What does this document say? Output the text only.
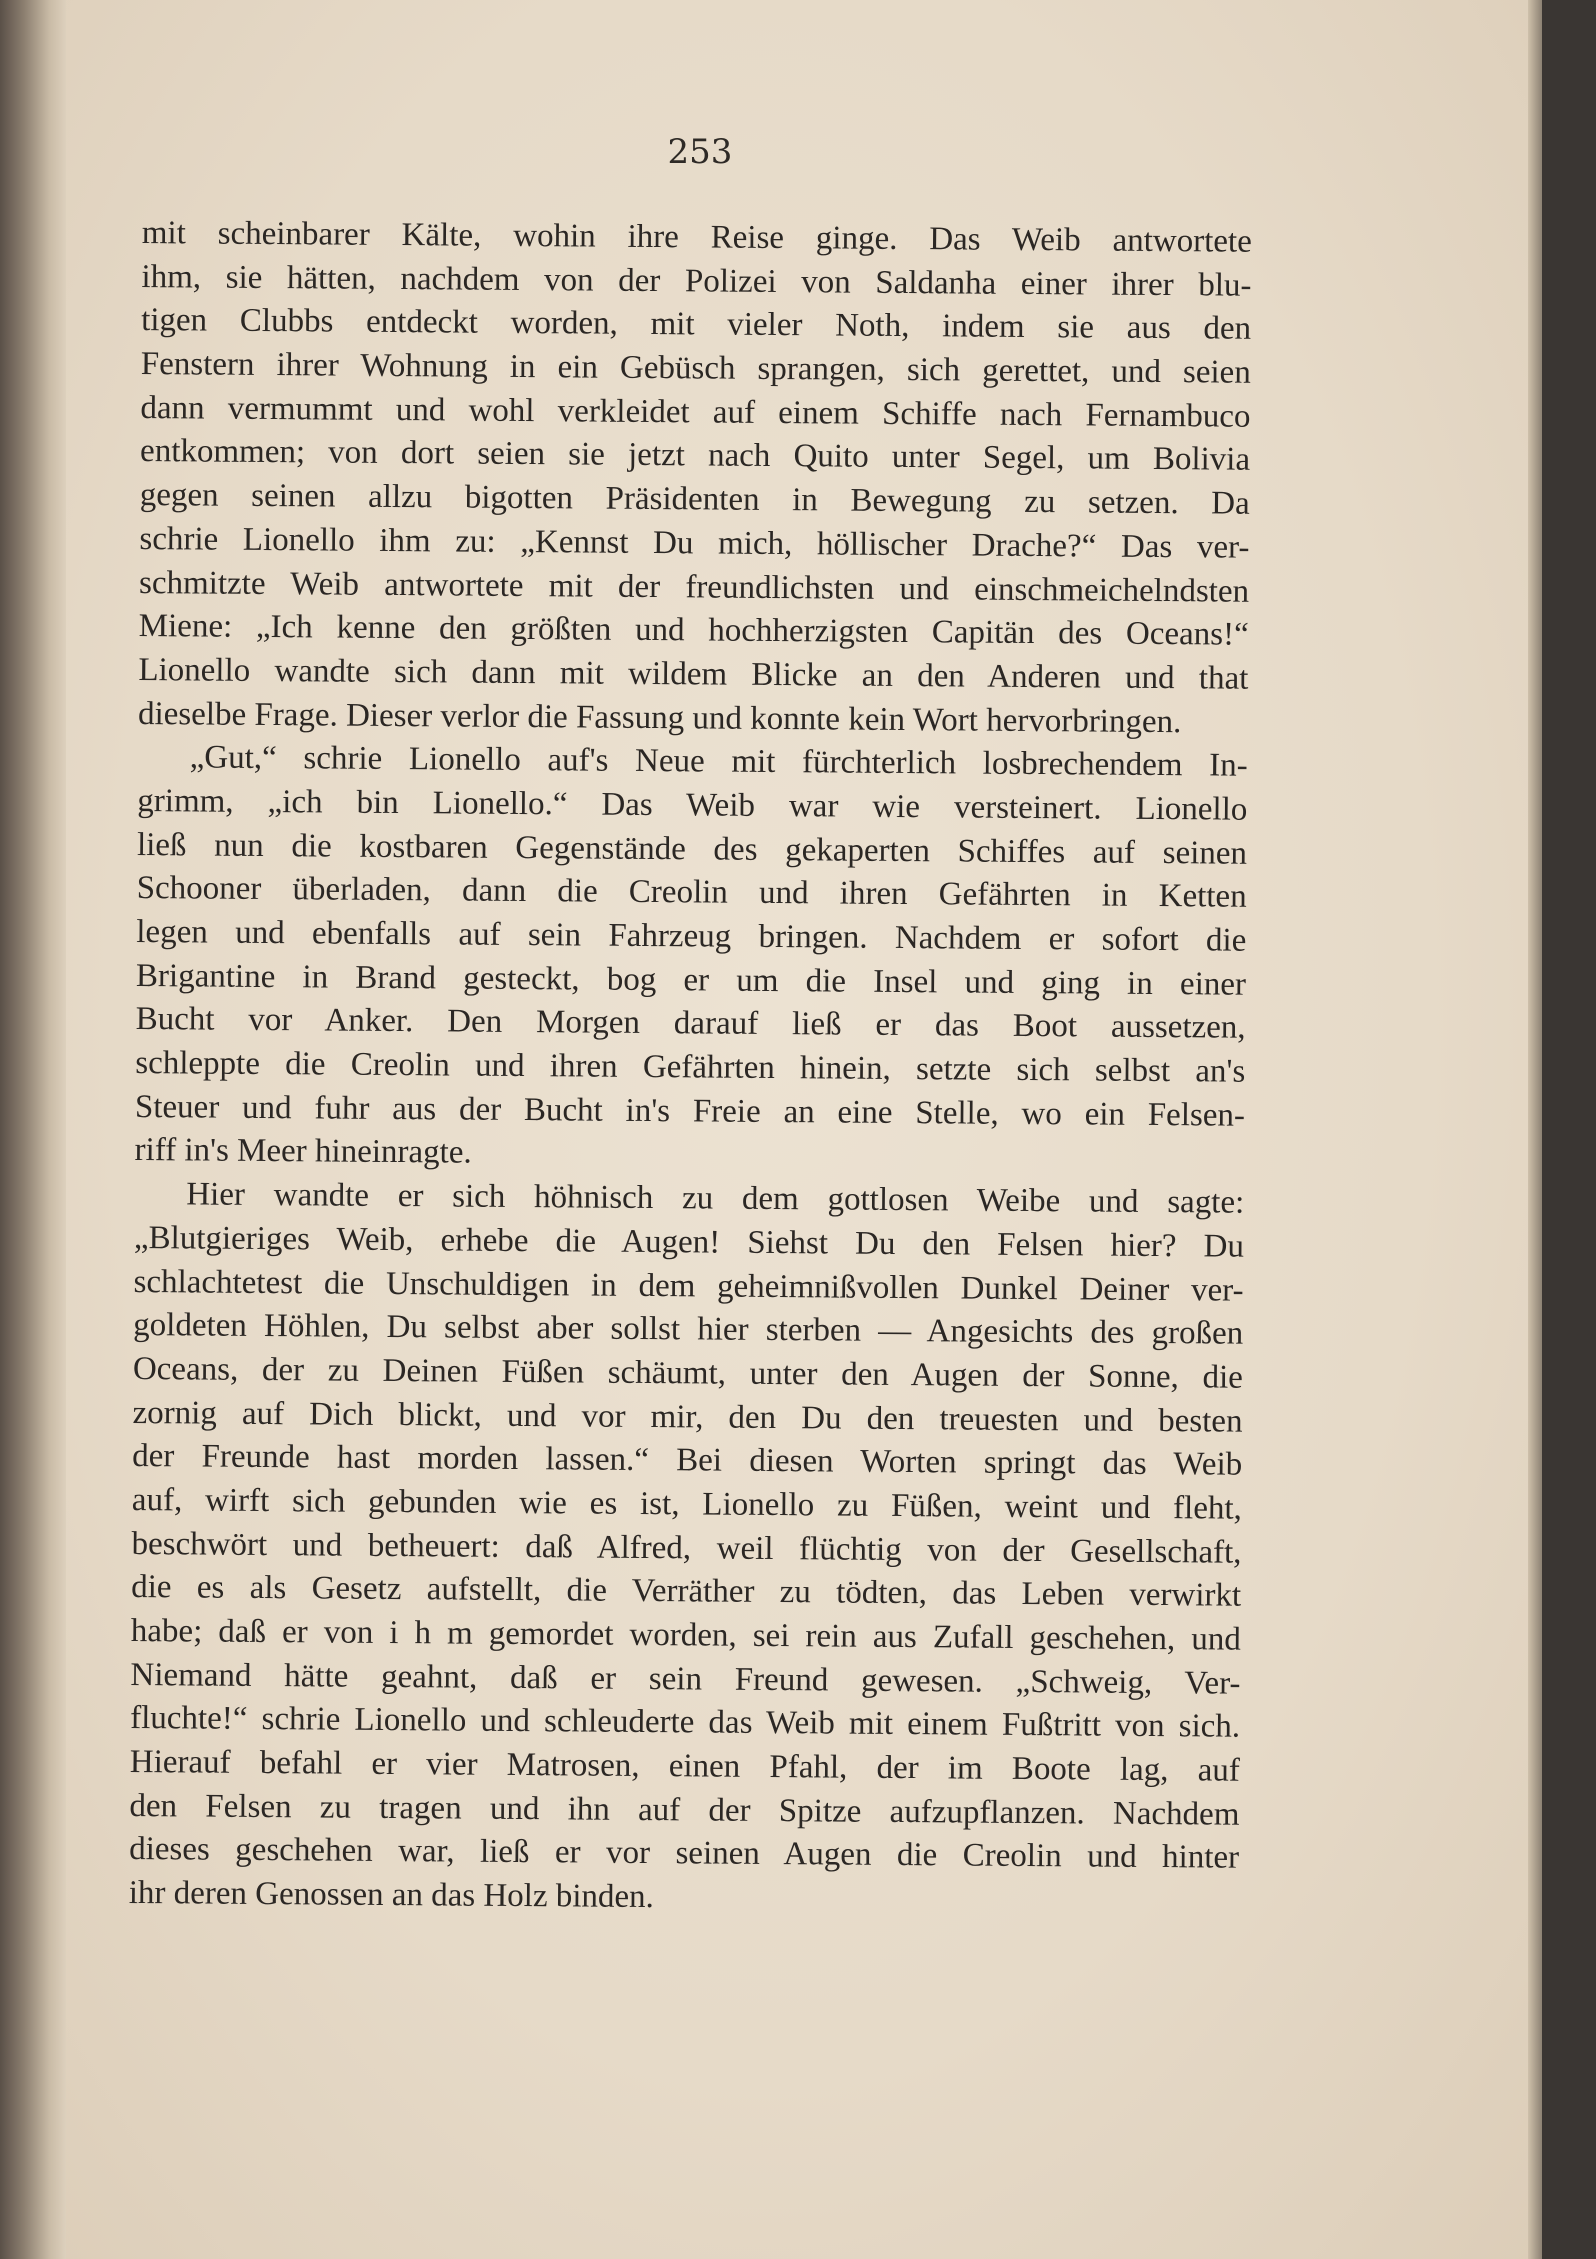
253
mit scheinbarer Kälte, wohin ihre Reise ginge. Das Weib antwortete
ihm, sie hätten, nachdem von der Polizei von Saldanha einer ihrer blu-
tigen Clubbs entdeckt worden, mit vieler Noth, indem sie aus den
Fenstern ihrer Wohnung in ein Gebüsch sprangen, sich gerettet, und seien
dann vermummt und wohl verkleidet auf einem Schiffe nach Fernambuco
entkommen; von dort seien sie jetzt nach Quito unter Segel, um Bolivia
gegen seinen allzu bigotten Präsidenten in Bewegung zu setzen. Da
schrie Lionello ihm zu: „Kennst Du mich, höllischer Drache?“ Das ver-
schmitzte Weib antwortete mit der freundlichsten und einschmeichelndsten
Miene: „Ich kenne den größten und hochherzigsten Capitän des Oceans!“
Lionello wandte sich dann mit wildem Blicke an den Anderen und that
dieselbe Frage. Dieser verlor die Fassung und konnte kein Wort hervorbringen.
„Gut,“ schrie Lionello auf's Neue mit fürchterlich losbrechendem In-
grimm, „ich bin Lionello.“ Das Weib war wie versteinert. Lionello
ließ nun die kostbaren Gegenstände des gekaperten Schiffes auf seinen
Schooner überladen, dann die Creolin und ihren Gefährten in Ketten
legen und ebenfalls auf sein Fahrzeug bringen. Nachdem er sofort die
Brigantine in Brand gesteckt, bog er um die Insel und ging in einer
Bucht vor Anker. Den Morgen darauf ließ er das Boot aussetzen,
schleppte die Creolin und ihren Gefährten hinein, setzte sich selbst an's
Steuer und fuhr aus der Bucht in's Freie an eine Stelle, wo ein Felsen-
riff in's Meer hineinragte.
Hier wandte er sich höhnisch zu dem gottlosen Weibe und sagte:
„Blutgieriges Weib, erhebe die Augen! Siehst Du den Felsen hier? Du
schlachtetest die Unschuldigen in dem geheimnißvollen Dunkel Deiner ver-
goldeten Höhlen, Du selbst aber sollst hier sterben — Angesichts des großen
Oceans, der zu Deinen Füßen schäumt, unter den Augen der Sonne, die
zornig auf Dich blickt, und vor mir, den Du den treuesten und besten
der Freunde hast morden lassen.“ Bei diesen Worten springt das Weib
auf, wirft sich gebunden wie es ist, Lionello zu Füßen, weint und fleht,
beschwört und betheuert: daß Alfred, weil flüchtig von der Gesellschaft,
die es als Gesetz aufstellt, die Verräther zu tödten, das Leben verwirkt
habe; daß er von i h m gemordet worden, sei rein aus Zufall geschehen, und
Niemand hätte geahnt, daß er sein Freund gewesen. „Schweig, Ver-
fluchte!“ schrie Lionello und schleuderte das Weib mit einem Fußtritt von sich.
Hierauf befahl er vier Matrosen, einen Pfahl, der im Boote lag, auf
den Felsen zu tragen und ihn auf der Spitze aufzupflanzen. Nachdem
dieses geschehen war, ließ er vor seinen Augen die Creolin und hinter
ihr deren Genossen an das Holz binden.
